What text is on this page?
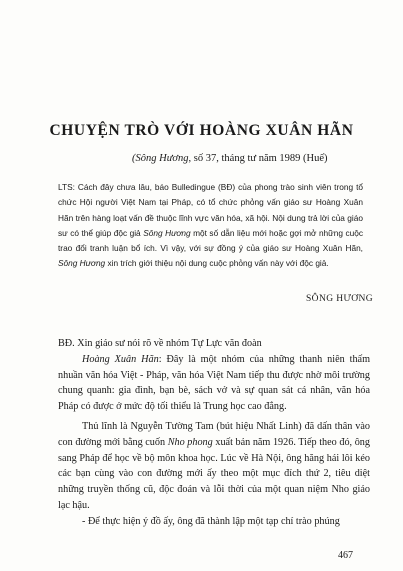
CHUYỆN TRÒ VỚI HOÀNG XUÂN HÃN
(Sông Hương, số 37, tháng tư năm 1989 (Huế)
LTS: Cách đây chưa lâu, báo Bulledingue (BĐ) của phong trào sinh viên trong tổ chức Hội người Việt Nam tại Pháp, có tổ chức phỏng vấn giáo sư Hoàng Xuân Hãn trên hàng loạt vấn đề thuộc lĩnh vực văn hóa, xã hội. Nội dung trả lời của giáo sư có thể giúp độc giả Sông Hương một số dẫn liệu mới hoặc gợi mở những cuộc trao đổi tranh luận bổ ích. Vì vậy, với sự đồng ý của giáo sư Hoàng Xuân Hãn, Sông Hương xin trích giới thiệu nội dung cuộc phỏng vấn này với độc giả.
SÔNG HƯƠNG

BĐ. Xin giáo sư nói rõ về nhóm Tự Lực văn đoàn

Hoàng Xuân Hãn: Đây là một nhóm của những thanh niên thấm nhuần văn hóa Việt - Pháp, văn hóa Việt Nam tiếp thu được nhờ môi trường chung quanh: gia đình, bạn bè, sách vở và sự quan sát cá nhân, văn hóa Pháp có được ở mức độ tối thiểu là Trung học cao đẳng.

Thủ lĩnh là Nguyễn Tường Tam (bút hiệu Nhất Linh) đã dấn thân vào con đường mới bằng cuốn Nho phong xuất bản năm 1926. Tiếp theo đó, ông sang Pháp để học về bộ môn khoa học. Lúc về Hà Nội, ông hăng hái lôi kéo các bạn cùng vào con đường mới ấy theo một mục đích thứ 2, tiêu diệt những truyền thống cũ, độc đoán và lỗi thời của một quan niệm Nho giáo lạc hậu.

- Để thực hiện ý đồ ấy, ông đã thành lập một tạp chí trào phúng

467
